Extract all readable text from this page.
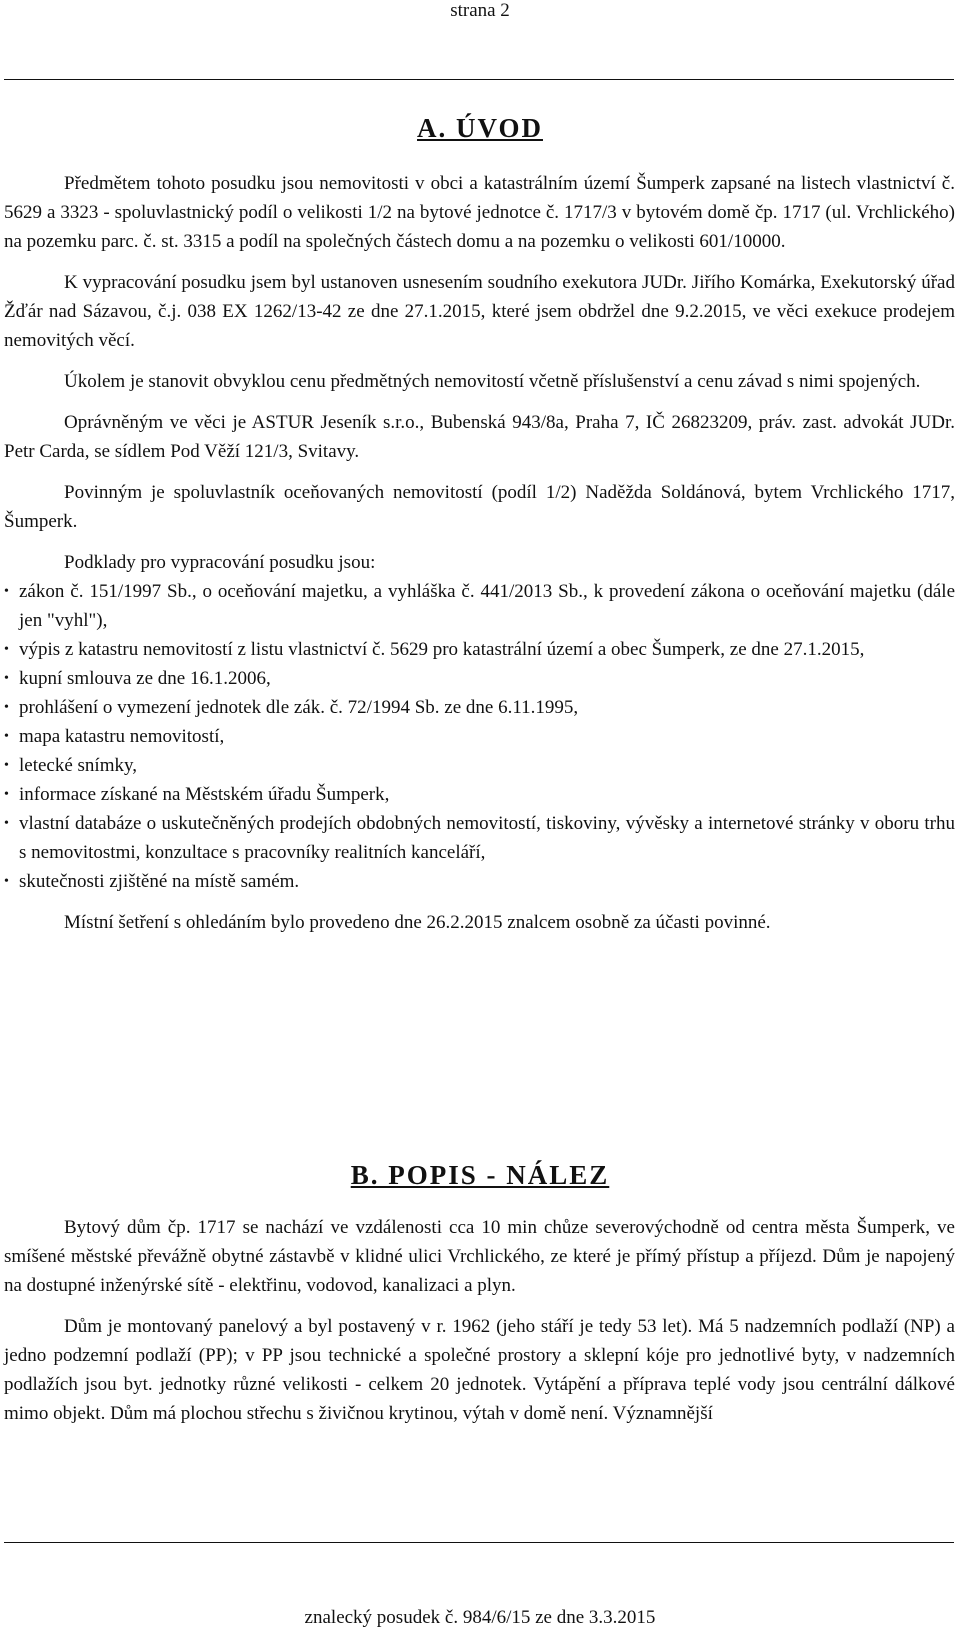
strana 2
A. ÚVOD

Předmětem tohoto posudku jsou nemovitosti v obci a katastrálním území Šumperk zapsané na listech vlastnictví č. 5629 a 3323 - spoluvlastnický podíl o velikosti 1/2 na bytové jednotce č. 1717/3 v bytovém domě čp. 1717 (ul. Vrchlického) na pozemku parc. č. st. 3315 a podíl na společných částech domu a na pozemku o velikosti 601/10000.

K vypracování posudku jsem byl ustanoven usnesením soudního exekutora JUDr. Jiřího Komárka, Exekutorský úřad Žďár nad Sázavou, č.j. 038 EX 1262/13-42 ze dne 27.1.2015, které jsem obdržel dne 9.2.2015, ve věci exekuce prodejem nemovitých věcí.

Úkolem je stanovit obvyklou cenu předmětných nemovitostí včetně příslušenství a cenu závad s nimi spojených.

Oprávněným ve věci je ASTUR Jeseník s.r.o., Bubenská 943/8a, Praha 7, IČ 26823209, práv. zast. advokát JUDr. Petr Carda, se sídlem Pod Věží 121/3, Svitavy.

Povinným je spoluvlastník oceňovaných nemovitostí (podíl 1/2) Naděžda Soldánová, bytem Vrchlického 1717, Šumperk.

Podklady pro vypracování posudku jsou:

• zákon č. 151/1997 Sb., o oceňování majetku, a vyhláška č. 441/2013 Sb., k provedení zákona o oceňování majetku (dále jen "vyhl"),
• výpis z katastru nemovitostí z listu vlastnictví č. 5629 pro katastrální území a obec Šumperk, ze dne 27.1.2015,
• kupní smlouva ze dne 16.1.2006,
• prohlášení o vymezení jednotek dle zák. č. 72/1994 Sb. ze dne 6.11.1995,
• mapa katastru nemovitostí,
• letecké snímky,
• informace získané na Městském úřadu Šumperk,
• vlastní databáze o uskutečněných prodejích obdobných nemovitostí, tiskoviny, vývěsky a internetové stránky v oboru trhu s nemovitostmi, konzultace s pracovníky realitních kanceláří,
• skutečnosti zjištěné na místě samém.

Místní šetření s ohledáním bylo provedeno dne 26.2.2015 znalcem osobně za účasti povinné.

B. POPIS - NÁLEZ

Bytový dům čp. 1717 se nachází ve vzdálenosti cca 10 min chůze severovýchodně od centra města Šumperk, ve smíšené městské převážně obytné zástavbě v klidné ulici Vrchlického, ze které je přímý přístup a příjezd. Dům je napojený na dostupné inženýrské sítě - elektřinu, vodovod, kanalizaci a plyn.

Dům je montovaný panelový a byl postavený v r. 1962 (jeho stáří je tedy 53 let). Má 5 nadzemních podlaží (NP) a jedno podzemní podlaží (PP); v PP jsou technické a společné prostory a sklepní kóje pro jednotlivé byty, v nadzemních podlažích jsou byt. jednotky různé velikosti - celkem 20 jednotek. Vytápění a příprava teplé vody jsou centrální dálkové mimo objekt. Dům má plochou střechu s živičnou krytinou, výtah v domě není. Významnější

znalecký posudek č. 984/6/15 ze dne 3.3.2015
